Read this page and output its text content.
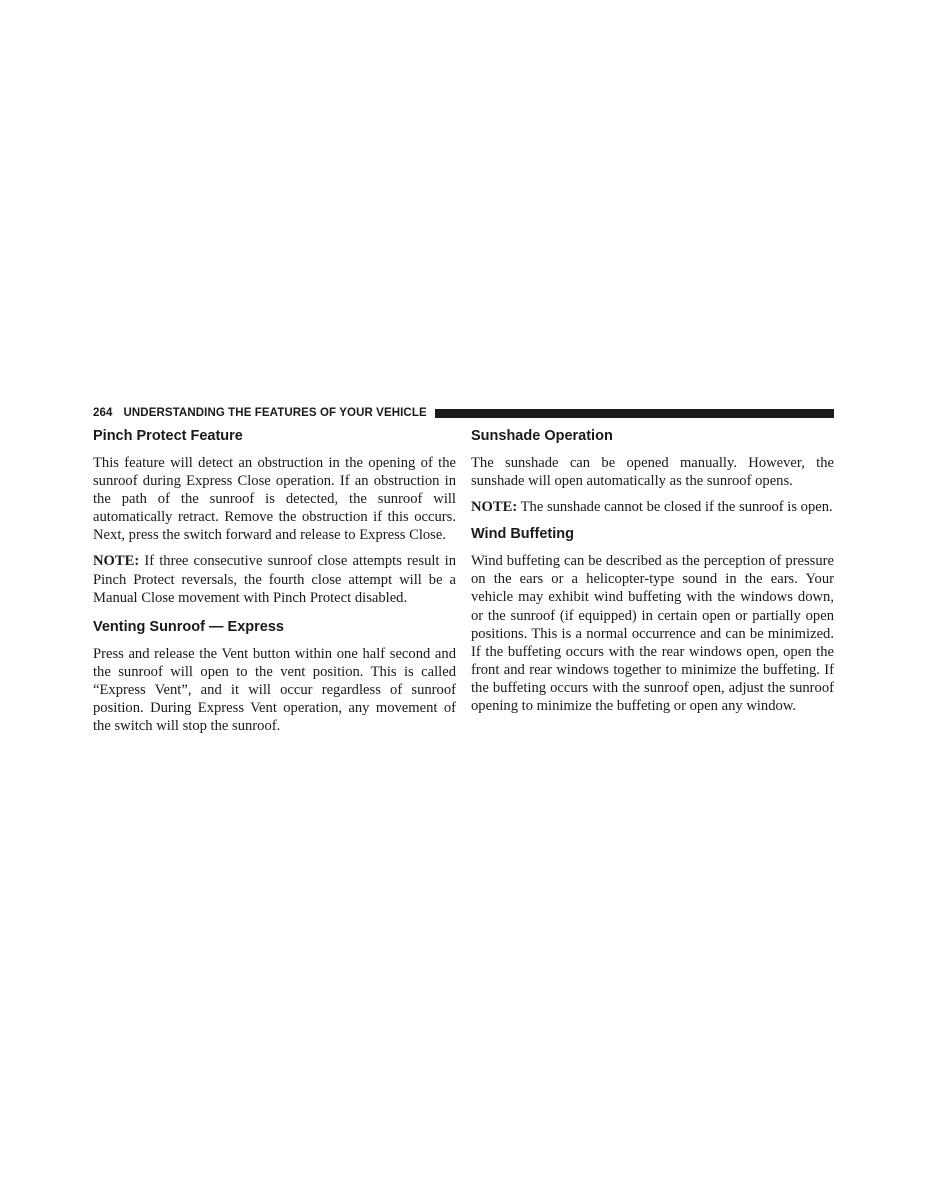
264 UNDERSTANDING THE FEATURES OF YOUR VEHICLE
Pinch Protect Feature

This feature will detect an obstruction in the opening of the sunroof during Express Close operation. If an obstruction in the path of the sunroof is detected, the sunroof will automatically retract. Remove the obstruction if this occurs. Next, press the switch forward and release to Express Close.

NOTE: If three consecutive sunroof close attempts result in Pinch Protect reversals, the fourth close attempt will be a Manual Close movement with Pinch Protect disabled.

Venting Sunroof — Express

Press and release the Vent button within one half second and the sunroof will open to the vent position. This is called “Express Vent”, and it will occur regardless of sunroof position. During Express Vent operation, any movement of the switch will stop the sunroof.

Sunshade Operation

The sunshade can be opened manually. However, the sunshade will open automatically as the sunroof opens.

NOTE: The sunshade cannot be closed if the sunroof is open.

Wind Buffeting

Wind buffeting can be described as the perception of pressure on the ears or a helicopter-type sound in the ears. Your vehicle may exhibit wind buffeting with the windows down, or the sunroof (if equipped) in certain open or partially open positions. This is a normal occurrence and can be minimized. If the buffeting occurs with the rear windows open, open the front and rear windows together to minimize the buffeting. If the buffeting occurs with the sunroof open, adjust the sunroof opening to minimize the buffeting or open any window.
